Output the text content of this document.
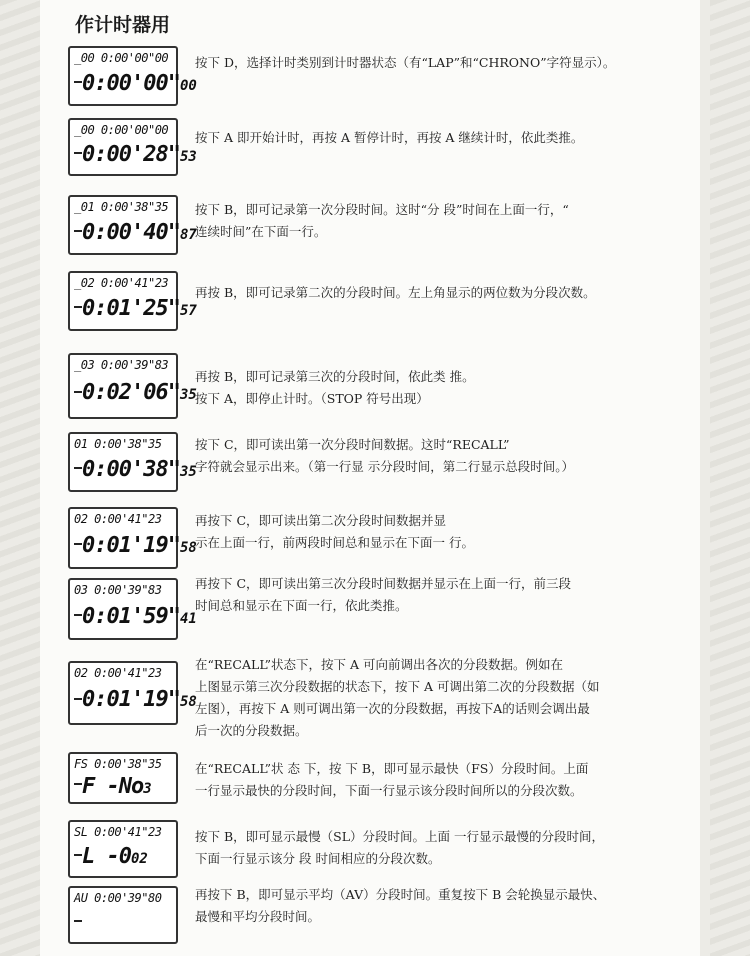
作计时器用
_00 0:00'00"00
0:00'00"00
按下 D，选择计时类别到计时器状态（有“LAP”和“CHRONO”字符显示）。
_00 0:00'00"00
0:00'28"53
按下 A 即开始计时，再按 A 暂停计时，再按 A 继续计时，依此类推。
_01 0:00'38"35
0:00'40"87
按下 B，即可记录第一次分段时间。这时“分 段”时间在上面一行，“
连续时间”在下面一行。
_02 0:00'41"23
0:01'25"57
再按 B，即可记录第二次的分段时间。左上角显示的两位数为分段次数。
_03 0:00'39"83
0:02'06"35
再按 B，即可记录第三次的分段时间，依此类 推。
按下 A，即停止计时。（STOP 符号出现）
01 0:00'38"35
0:00'38"35
按下 C，即可读出第一次分段时间数据。这时“RECALL”
字符就会显示出来。（第一行显 示分段时间，第二行显示总段时间。）
02 0:00'41"23
0:01'19"58
再按下 C，即可读出第二次分段时间数据并显
示在上面一行，前两段时间总和显示在下面一 行。
03 0:00'39"83
0:01'59"41
再按下 C，即可读出第三次分段时间数据并显示在上面一行，前三段
时间总和显示在下面一行，依此类推。
02 0:00'41"23
0:01'19"58
在“RECALL”状态下，按下 A 可向前调出各次的分段数据。例如在
上图显示第三次分段数据的状态下，按下 A 可调出第二次的分段数据（如
左图），再按下 A 则可调出第一次的分段数据，再按下A的话则会调出最
后一次的分段数据。
FS 0:00'38"35
F -No3
在“RECALL”状 态 下，按 下 B，即可显示最快（FS）分段时间。上面
一行显示最快的分段时间，下面一行显示该分段时间所以的分段次数。
SL 0:00'41"23
L -002
按下 B，即可显示最慢（SL）分段时间。上面 一行显示最慢的分段时间，
下面一行显示该分 段 时间相应的分段次数。
AU 0:00'39"80	再按下 B，即可显示平均（AV）分段时间。重复按下 B 会轮换显示最快、
最慢和平均分段时间。
